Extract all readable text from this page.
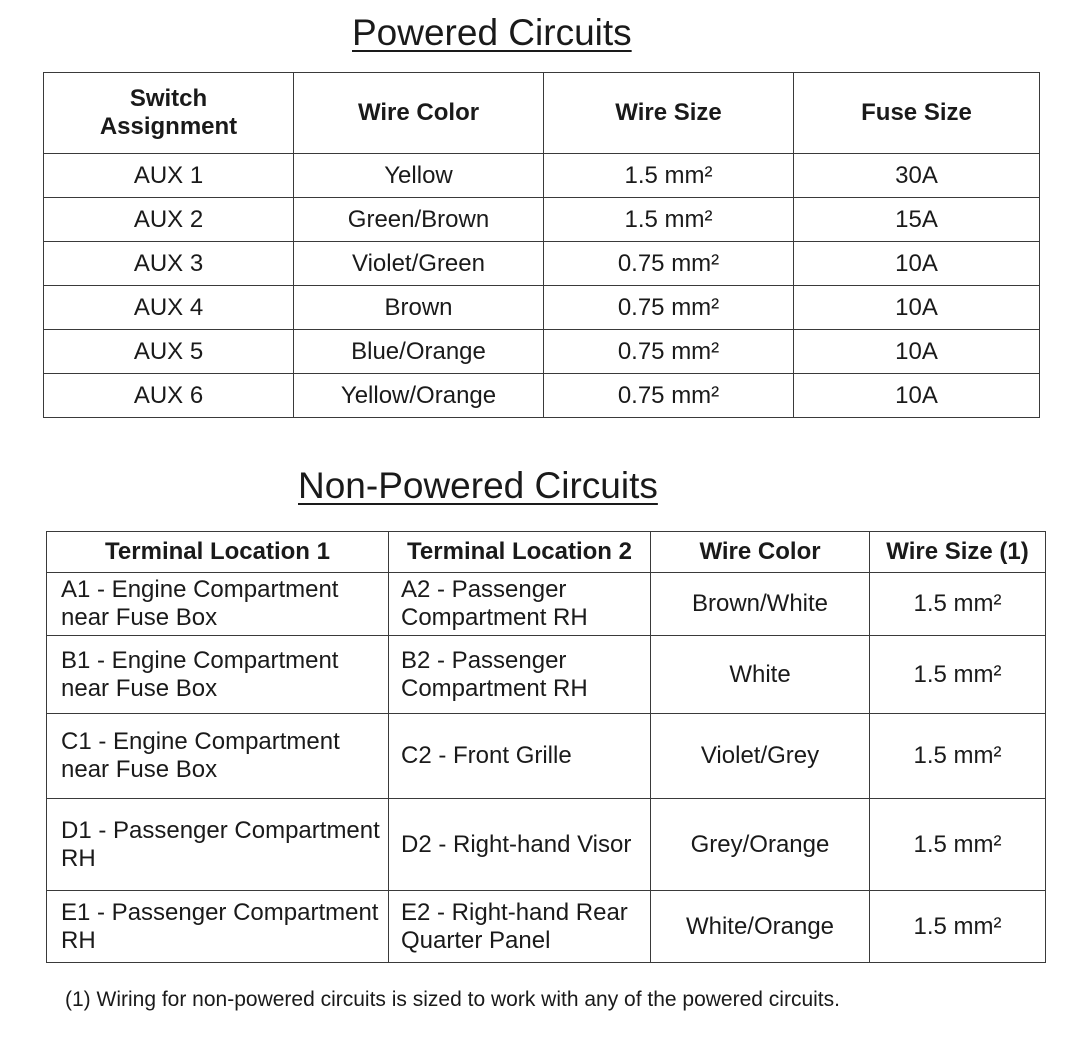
Powered Circuits
Switch
Assignment	Wire Color	Wire Size	Fuse Size
AUX 1	Yellow	1.5 mm²	30A
AUX 2	Green/Brown	1.5 mm²	15A
AUX 3	Violet/Green	0.75 mm²	10A
AUX 4	Brown	0.75 mm²	10A
AUX 5	Blue/Orange	0.75 mm²	10A
AUX 6	Yellow/Orange	0.75 mm²	10A
Non-Powered Circuits
Terminal Location 1	Terminal Location 2	Wire Color	Wire Size (1)
A1 - Engine Compartment near Fuse Box	A2 - Passenger Compartment RH	Brown/White	1.5 mm²
B1 - Engine Compartment near Fuse Box	B2 - Passenger Compartment RH	White	1.5 mm²
C1 - Engine Compartment near Fuse Box	C2 - Front Grille	Violet/Grey	1.5 mm²
D1 - Passenger Compartment RH	D2 - Right-hand Visor	Grey/Orange	1.5 mm²
E1 - Passenger Compartment RH	E2 - Right-hand Rear Quarter Panel	White/Orange	1.5 mm²
(1) Wiring for non-powered circuits is sized to work with any of the powered circuits.
